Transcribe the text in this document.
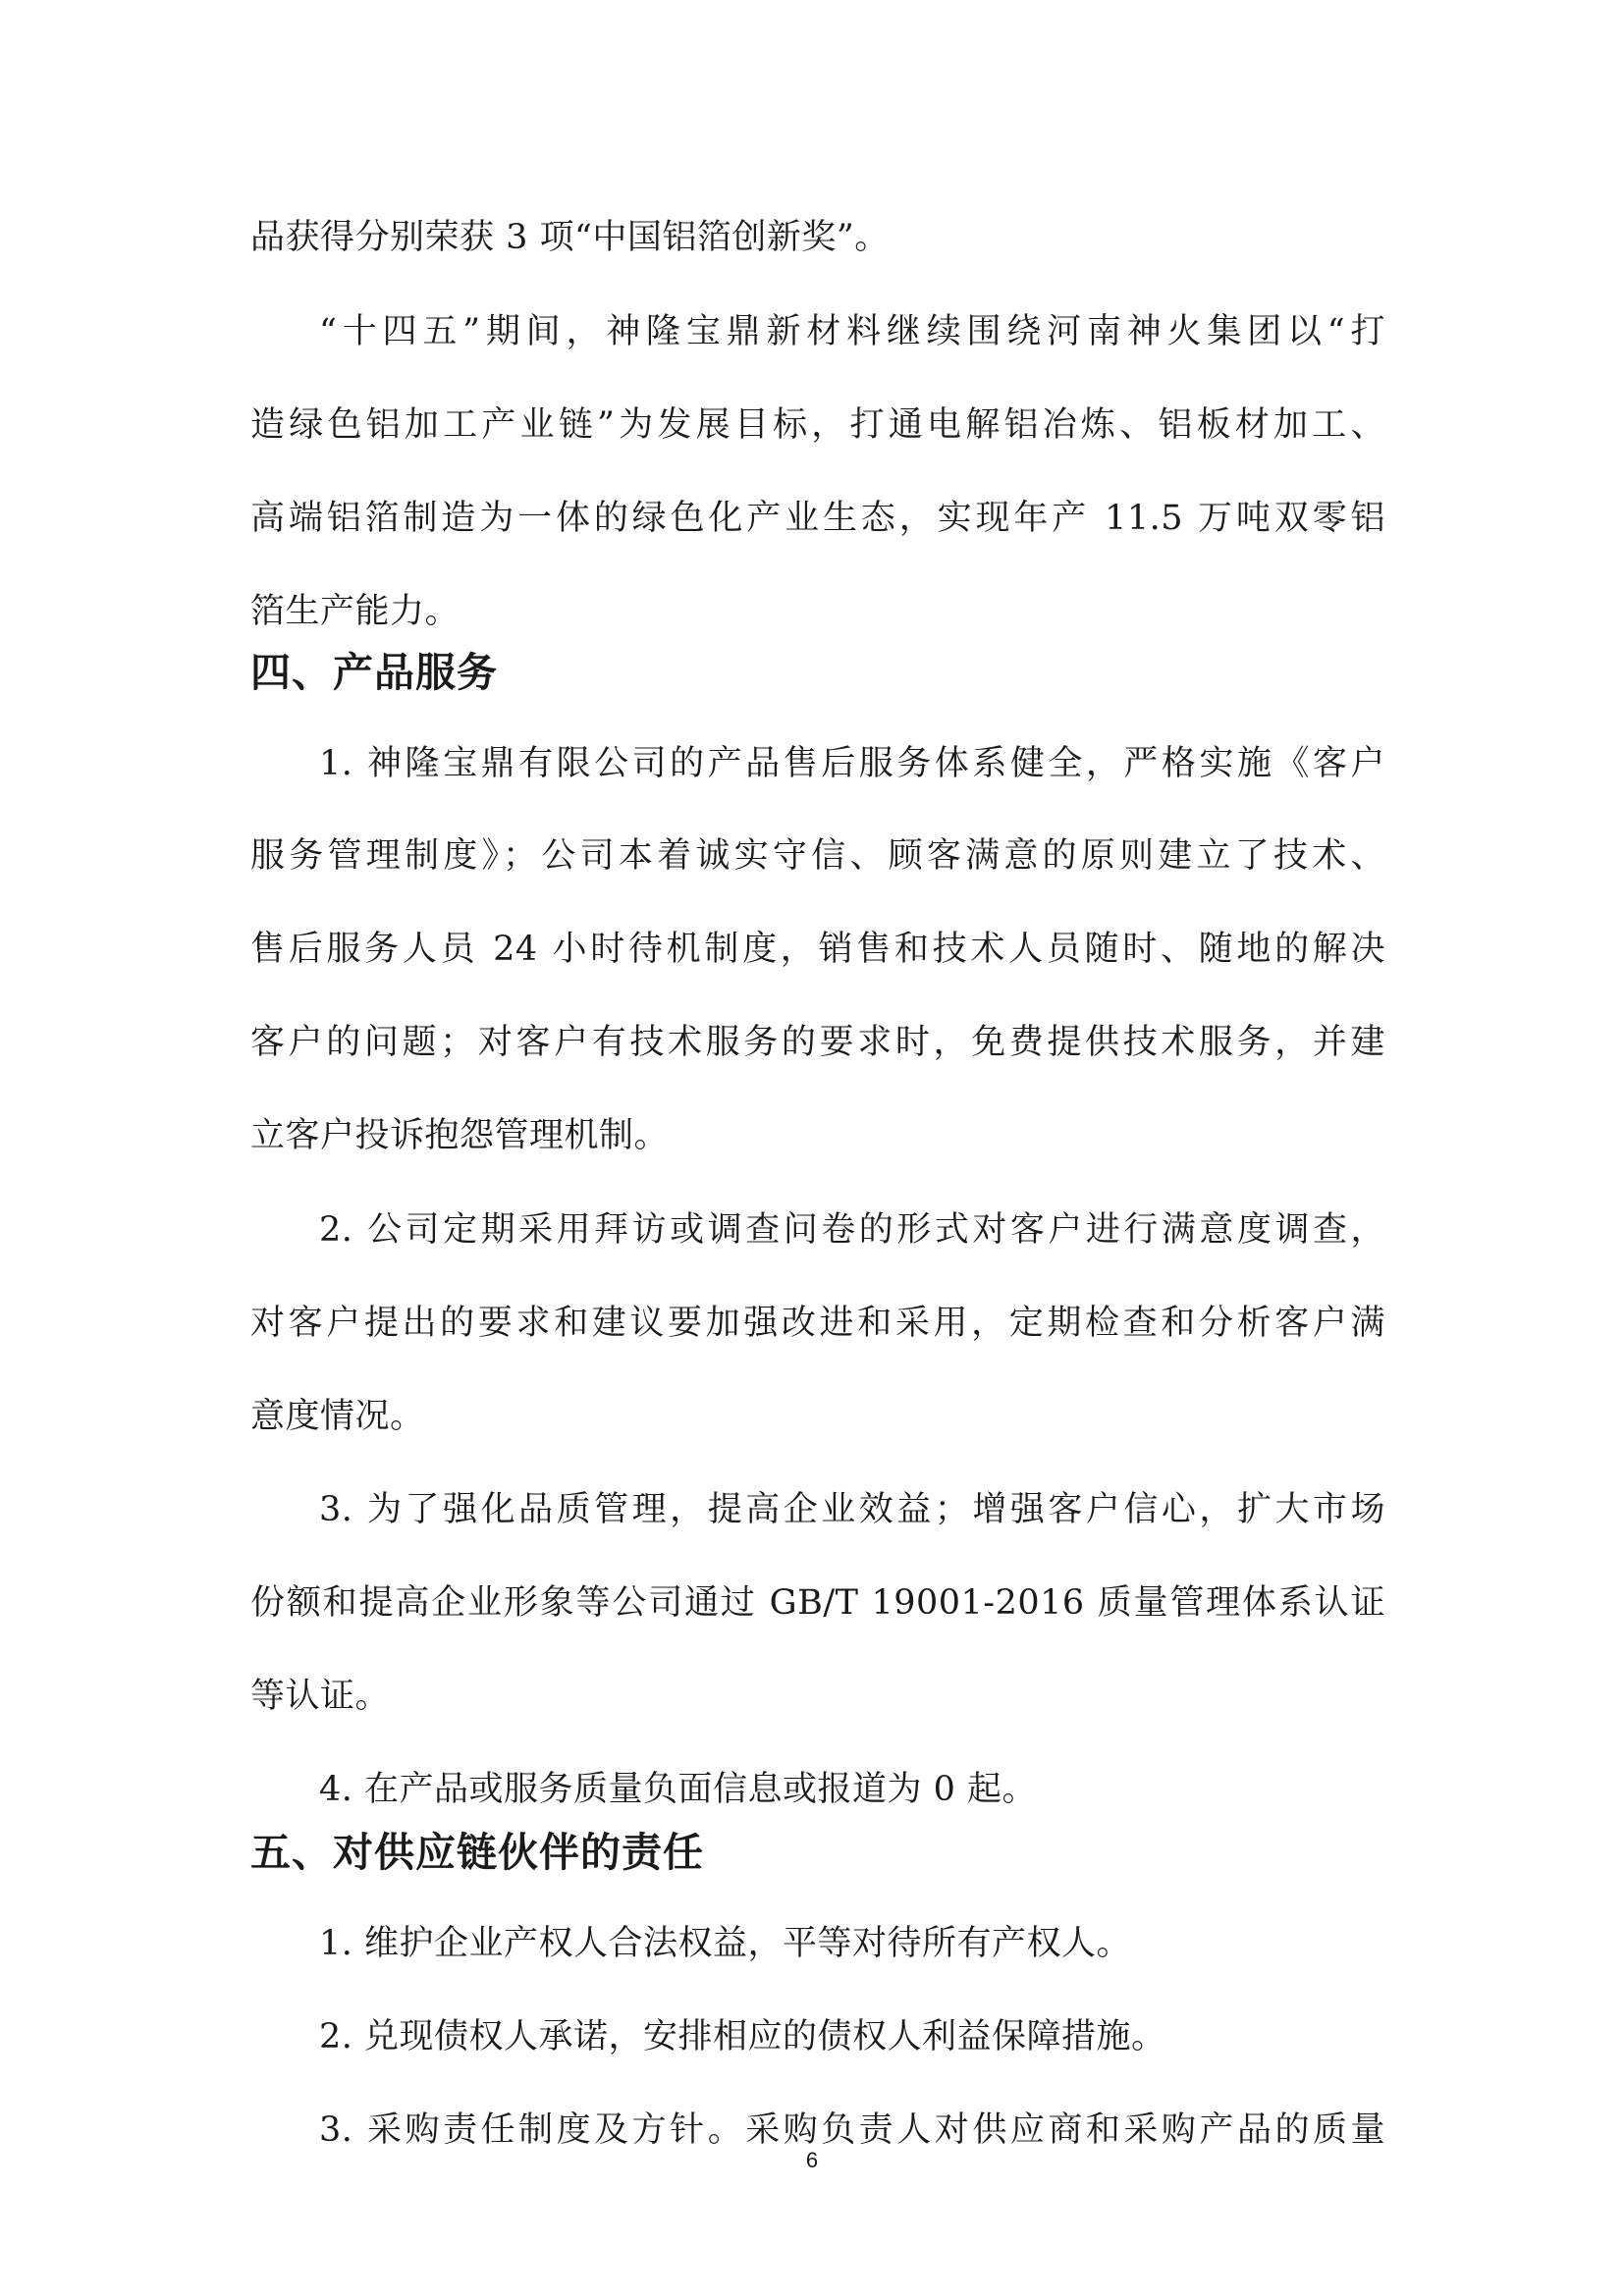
品获得分别荣获 3 项“中国铝箔创新奖”。
“十四五”期间，神隆宝鼎新材料继续围绕河南神火集团以“打
造绿色铝加工产业链”为发展目标，打通电解铝冶炼、铝板材加工、
高端铝箔制造为一体的绿色化产业生态，实现年产 11.5 万吨双零铝
箔生产能力。
四、产品服务
1. 神隆宝鼎有限公司的产品售后服务体系健全，严格实施《客户
服务管理制度》；公司本着诚实守信、顾客满意的原则建立了技术、
售后服务人员 24 小时待机制度，销售和技术人员随时、随地的解决
客户的问题；对客户有技术服务的要求时，免费提供技术服务，并建
立客户投诉抱怨管理机制。
2. 公司定期采用拜访或调查问卷的形式对客户进行满意度调查，
对客户提出的要求和建议要加强改进和采用，定期检查和分析客户满
意度情况。
3. 为了强化品质管理，提高企业效益；增强客户信心，扩大市场
份额和提高企业形象等公司通过 GB/T 19001-2016 质量管理体系认证
等认证。
4. 在产品或服务质量负面信息或报道为 0 起。
五、对供应链伙伴的责任
1. 维护企业产权人合法权益，平等对待所有产权人。
2. 兑现债权人承诺，安排相应的债权人利益保障措施。
3. 采购责任制度及方针。采购负责人对供应商和采购产品的质量
6
